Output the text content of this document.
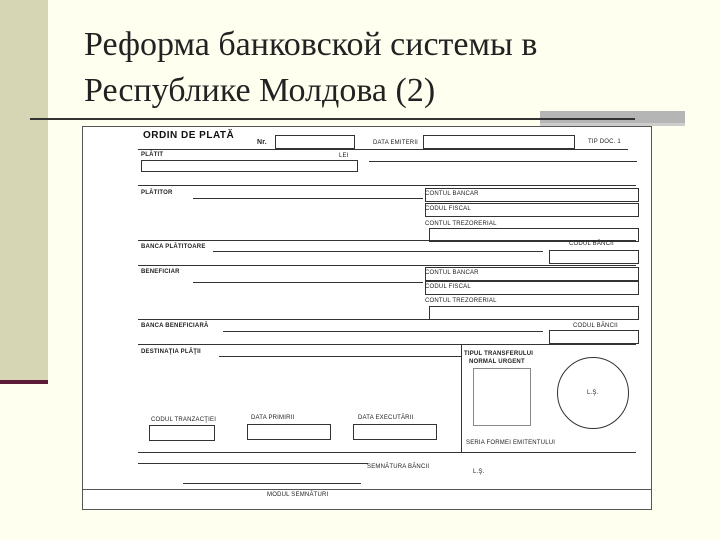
Реформа банковской системы в
Республике Молдова (2)
ORDIN DE PLATĂ
Nr.	DATA EMITERII	TIP DOC. 1
PLĂTIT	LEI
PLĂTITOR	CONTUL BANCAR
CODUL FISCAL
CONTUL TREZORERIAL
BANCA PLĂTITOARE	CODUL BĂNCII
BENEFICIAR	CONTUL BANCAR
CODUL FISCAL
CONTUL TREZORERIAL
BANCA BENEFICIARĂ	CODUL BĂNCII
DESTINAŢIA PLĂŢII	TIPUL TRANSFERULUI
NORMAL URGENT
L.Ş.
SERIA FORMEI EMITENTULUI
CODUL TRANZACŢIEI	DATA PRIMIRII	DATA EXECUTĂRII
SEMNĂTURA BĂNCII
L.Ş.
MODUL SEMNĂTURI
